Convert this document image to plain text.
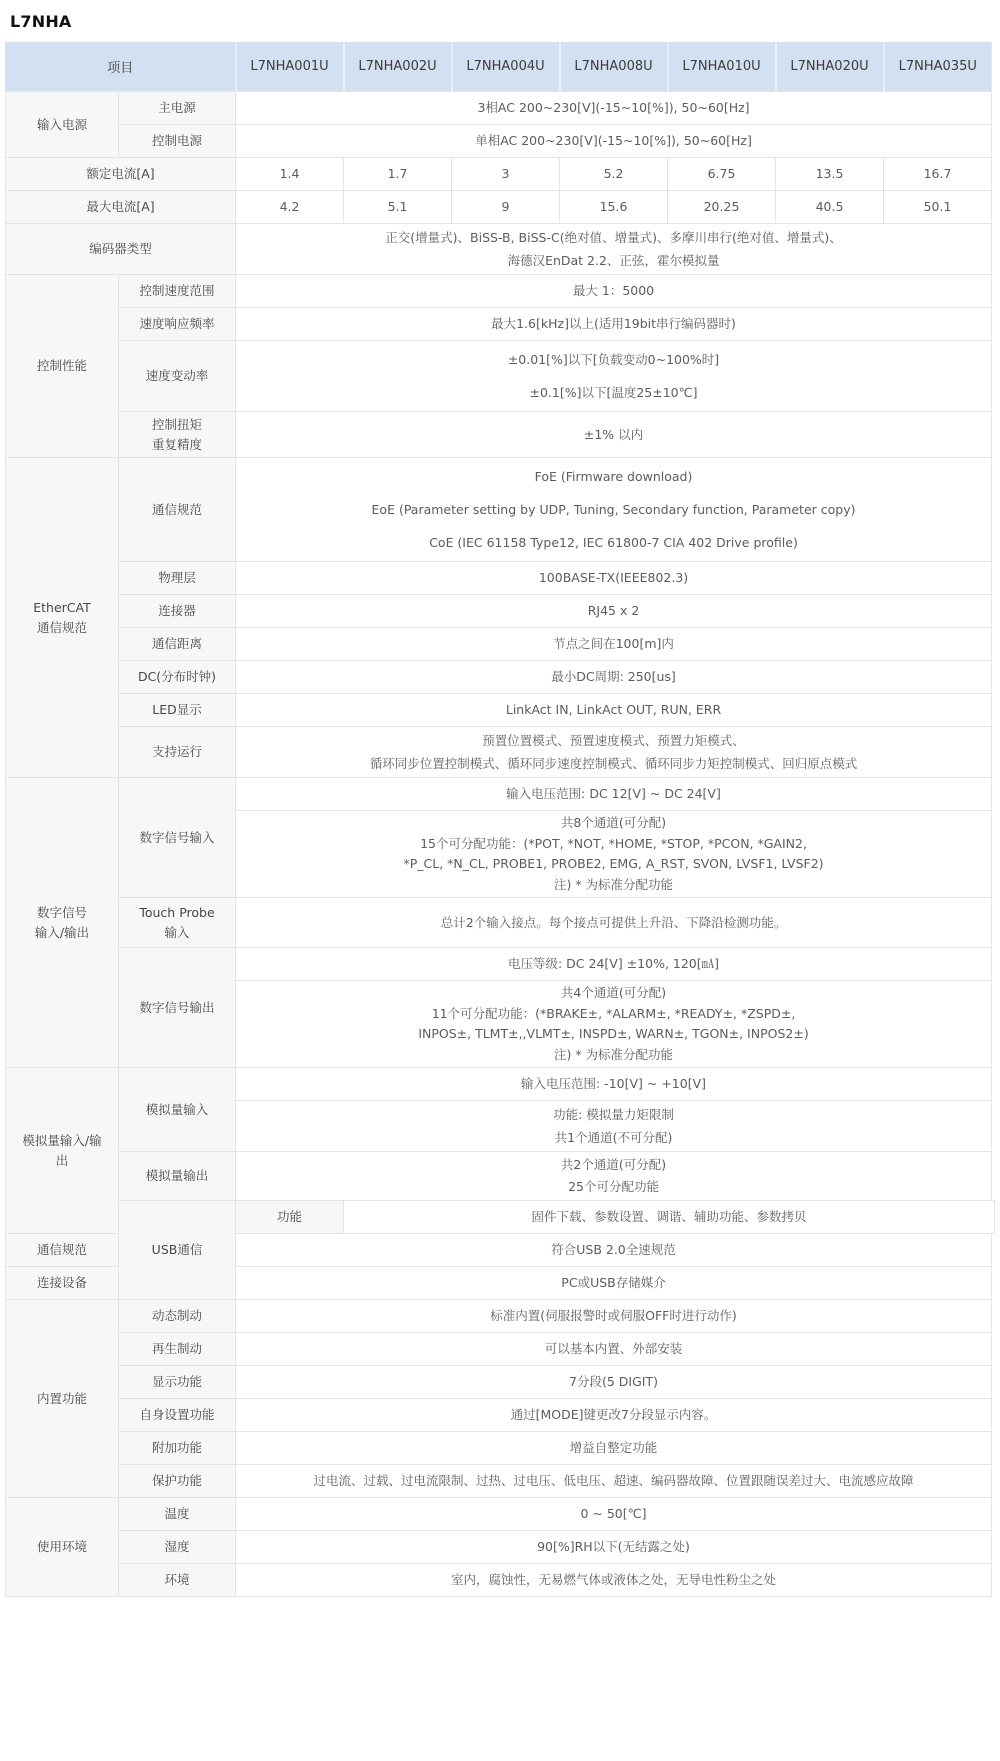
L7NHA
项目		L7NHA001U	L7NHA002U	L7NHA004U	L7NHA008U	L7NHA010U	L7NHA020U	L7NHA035U
输入电源	主电源	3相AC 200~230[V](-15~10[%]), 50~60[Hz]						
	控制电源	单相AC 200~230[V](-15~10[%]), 50~60[Hz]						
额定电流[A]		1.4	1.7	3	5.2	6.75	13.5	16.7
最大电流[A]		4.2	5.1	9	15.6	20.25	40.5	50.1
编码器类型		正交(增量式)、BiSS-B, BiSS-C(绝对值、增量式)、多摩川串行(绝对值、增量式)、
海德汉EnDat 2.2、正弦，霍尔模拟量						

控制性能	控制速度范围	最大 1：5000						
	速度响应频率	最大1.6[kHz]以上(适用19bit串行编码器时)						
	速度变动率	±0.01[%]以下[负载变动0~100%时]
±0.1[%]以下[温度25±10℃]						

	控制扭矩
重复精度	±1% 以内						

EtherCAT
通信规范
	通信规范	
FoE (Firmware download)
EoE (Parameter setting by UDP, Tuning, Secondary function, Parameter copy)
CoE (IEC 61158 Type12, IEC 61800-7 CIA 402 Drive profile)

	物理层	100BASE-TX(IEEE802.3)						
	连接器	RJ45 x 2						
	通信距离	节点之间在100[m]内						
	DC(分布时钟)	最小DC周期: 250[us]						
	LED显示	LinkAct IN, LinkAct OUT, RUN, ERR						
	支持运行	预置位置模式、预置速度模式、预置力矩模式、
循环同步位置控制模式、循环同步速度控制模式、循环同步力矩控制模式、回归原点模式						

数字信号
输入/输出	数字信号输入	输入电压范围: DC 12[V] ~ DC 24[V]						

		共8个通道(可分配)
15个可分配功能：(*POT, *NOT, *HOME, *STOP, *PCON, *GAIN2,
*P_CL, *N_CL, PROBE1, PROBE2, EMG, A_RST, SVON, LVSF1, LVSF2)
注) * 为标准分配功能						

	Touch Probe
输入	总计2个输入接点。每个接点可提供上升沿、下降沿检测功能。						
	数字信号输出	电压等级: DC 24[V] ±10%, 120[㎃]						

		共4个通道(可分配)
11个可分配功能：(*BRAKE±, *ALARM±, *READY±, *ZSPD±,
INPOS±, TLMT±,,VLMT±, INSPD±, WARN±, TGON±, INPOS2±)
注) * 为标准分配功能						

模拟量输入/输
出	模拟量输入	输入电压范围: -10[V] ~ +10[V]						

		功能: 模拟量力矩限制
共1个通道(不可分配)						

	模拟量输出	共2个通道(可分配)
25个可分配功能						

	USB通信	功能	固件下载、参数设置、调谐、辅助功能、参数拷贝					
通信规范		符合USB 2.0全速规范						
连接设备		PC或USB存储媒介						
内置功能	动态制动	标准内置(伺服报警时或伺服OFF时进行动作)						
	再生制动	可以基本内置、外部安装						
	显示功能	7分段(5 DIGIT)						
	自身设置功能	通过[MODE]键更改7分段显示内容。						
	附加功能	增益自整定功能						
	保护功能	过电流、过载、过电流限制、过热、过电压、低电压、超速、编码器故障、位置跟随误差过大、电流感应故障						
使用环境	温度	0 ~ 50[℃]						
	湿度	90[%]RH以下(无结露之处)						
	环境	室内，腐蚀性，无易燃气体或液体之处，无导电性粉尘之处						
